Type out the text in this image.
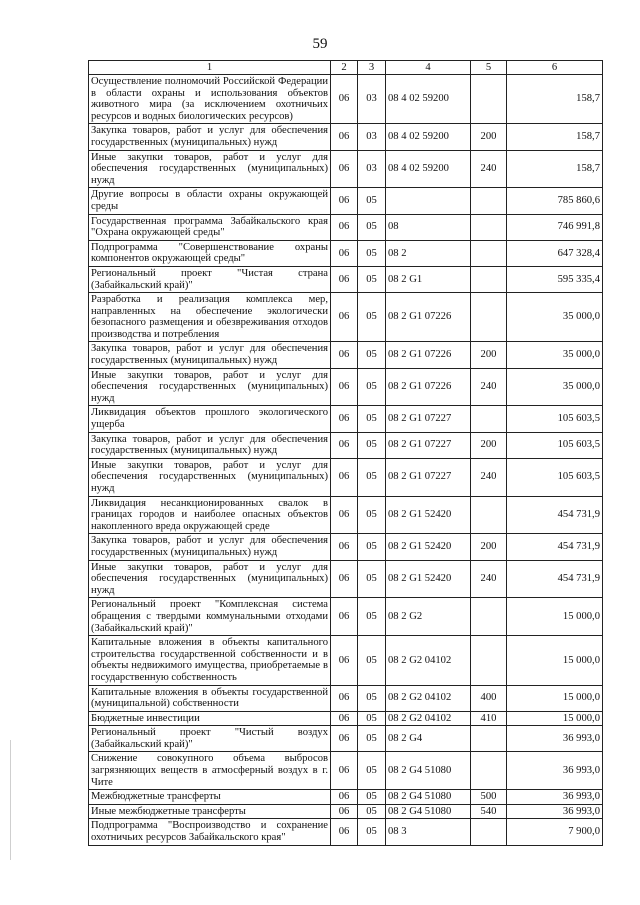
59
1	2	3	4	5	6
Осуществление полномочий Российской Федерации в области охраны и использования объектов животного мира (за исключением охотничьих ресурсов и водных биологических ресурсов)	06	03	08 4 02 59200		158,7
Закупка товаров, работ и услуг для обеспечения государственных (муниципальных) нужд	06	03	08 4 02 59200	200	158,7
Иные закупки товаров, работ и услуг для обеспечения государственных (муниципальных) нужд	06	03	08 4 02 59200	240	158,7
Другие вопросы в области охраны окружающей среды	06	05			785 860,6
Государственная программа Забайкальского края "Охрана окружающей среды"	06	05	08		746 991,8
Подпрограмма "Совершенствование охраны компонентов окружающей среды"	06	05	08 2		647 328,4
Региональный проект "Чистая страна (Забайкальский край)"	06	05	08 2 G1		595 335,4
Разработка и реализация комплекса мер, направленных на обеспечение экологически безопасного размещения и обезвреживания отходов производства и потребления	06	05	08 2 G1 07226		35 000,0
Закупка товаров, работ и услуг для обеспечения государственных (муниципальных) нужд	06	05	08 2 G1 07226	200	35 000,0
Иные закупки товаров, работ и услуг для обеспечения государственных (муниципальных) нужд	06	05	08 2 G1 07226	240	35 000,0
Ликвидация объектов прошлого экологического ущерба	06	05	08 2 G1 07227		105 603,5
Закупка товаров, работ и услуг для обеспечения государственных (муниципальных) нужд	06	05	08 2 G1 07227	200	105 603,5
Иные закупки товаров, работ и услуг для обеспечения государственных (муниципальных) нужд	06	05	08 2 G1 07227	240	105 603,5
Ликвидация несанкционированных свалок в границах городов и наиболее опасных объектов накопленного вреда окружающей среде	06	05	08 2 G1 52420		454 731,9
Закупка товаров, работ и услуг для обеспечения государственных (муниципальных) нужд	06	05	08 2 G1 52420	200	454 731,9
Иные закупки товаров, работ и услуг для обеспечения государственных (муниципальных) нужд	06	05	08 2 G1 52420	240	454 731,9
Региональный проект "Комплексная система обращения с твердыми коммунальными отходами (Забайкальский край)"	06	05	08 2 G2		15 000,0
Капитальные вложения в объекты капитального строительства государственной собственности и в объекты недвижимого имущества, приобретаемые в государственную собственность	06	05	08 2 G2 04102		15 000,0
Капитальные вложения в объекты государственной (муниципальной) собственности	06	05	08 2 G2 04102	400	15 000,0
Бюджетные инвестиции	06	05	08 2 G2 04102	410	15 000,0
Региональный проект "Чистый воздух (Забайкальский край)"	06	05	08 2 G4		36 993,0
Снижение совокупного объема выбросов загрязняющих веществ в атмосферный воздух в г. Чите	06	05	08 2 G4 51080		36 993,0
Межбюджетные трансферты	06	05	08 2 G4 51080	500	36 993,0
Иные межбюджетные трансферты	06	05	08 2 G4 51080	540	36 993,0
Подпрограмма "Воспроизводство и сохранение охотничьих ресурсов Забайкальского края"	06	05	08 3		7 900,0
